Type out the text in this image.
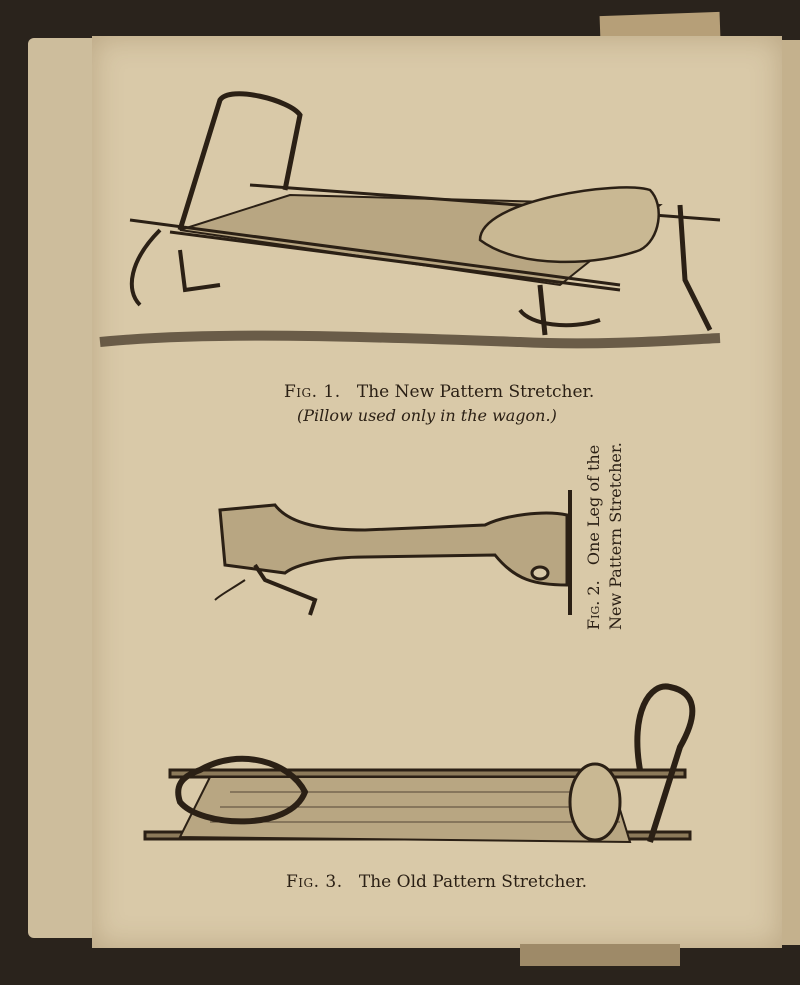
Fig. 1. The New Pattern Stretcher.
(Pillow used only in the wagon.)
Fig. 2.   One Leg of the New Pattern Stretcher.
Fig. 3. The Old Pattern Stretcher.
